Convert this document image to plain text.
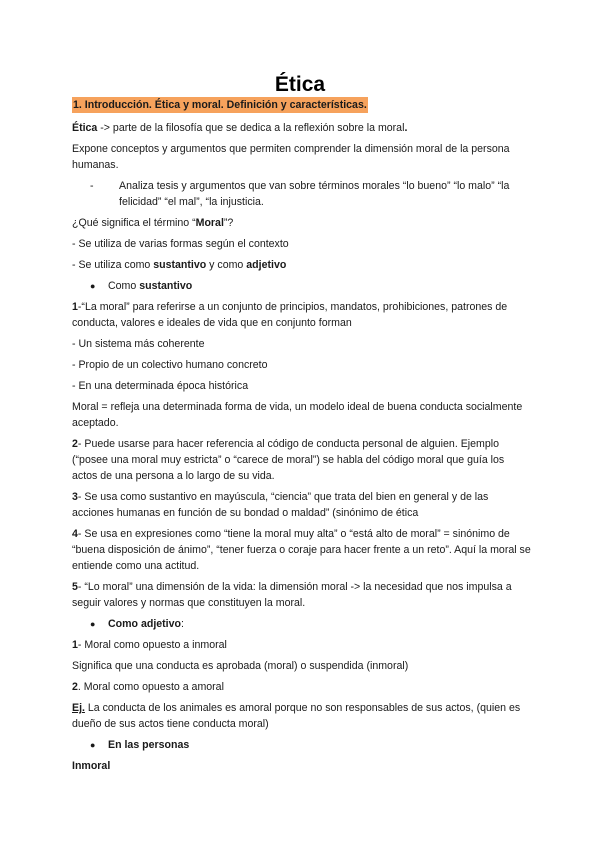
Ética
1. Introducción. Ética y moral. Definición y características.

Ética -> parte de la filosofía que se dedica a la reflexión sobre la moral.

Expone conceptos y argumentos que permiten comprender la dimensión moral de la persona humanas.

- Analiza tesis y argumentos que van sobre términos morales “lo bueno” “lo malo” “la felicidad” “el mal”, “la injusticia.

¿Qué significa el término “Moral”?

- Se utiliza de varias formas según el contexto

- Se utiliza como sustantivo y como adjetivo

● Como sustantivo

1-“La moral” para referirse a un conjunto de principios, mandatos, prohibiciones, patrones de conducta, valores e ideales de vida que en conjunto forman

- Un sistema más coherente

- Propio de un colectivo humano concreto

- En una determinada época histórica

Moral = refleja una determinada forma de vida, un modelo ideal de buena conducta socialmente aceptado.

2- Puede usarse para hacer referencia al código de conducta personal de alguien. Ejemplo (“posee una moral muy estricta” o “carece de moral”) se habla del código moral que guía los actos de una persona a lo largo de su vida.

3- Se usa como sustantivo en mayúscula, “ciencia” que trata del bien en general y de las acciones humanas en función de su bondad o maldad” (sinónimo de ética

4- Se usa en expresiones como “tiene la moral muy alta” o “está alto de moral” = sinónimo de “buena disposición de ánimo”, “tener fuerza o coraje para hacer frente a un reto”. Aquí la moral se entiende como una actitud.

5- “Lo moral” una dimensión de la vida: la dimensión moral -> la necesidad que nos impulsa a seguir valores y normas que constituyen la moral.

● Como adjetivo:

1- Moral como opuesto a inmoral

Significa que una conducta es aprobada (moral) o suspendida (inmoral)

2. Moral como opuesto a amoral

Ej. La conducta de los animales es amoral porque no son responsables de sus actos, (quien es dueño de sus actos tiene conducta moral)

● En las personas

Inmoral
